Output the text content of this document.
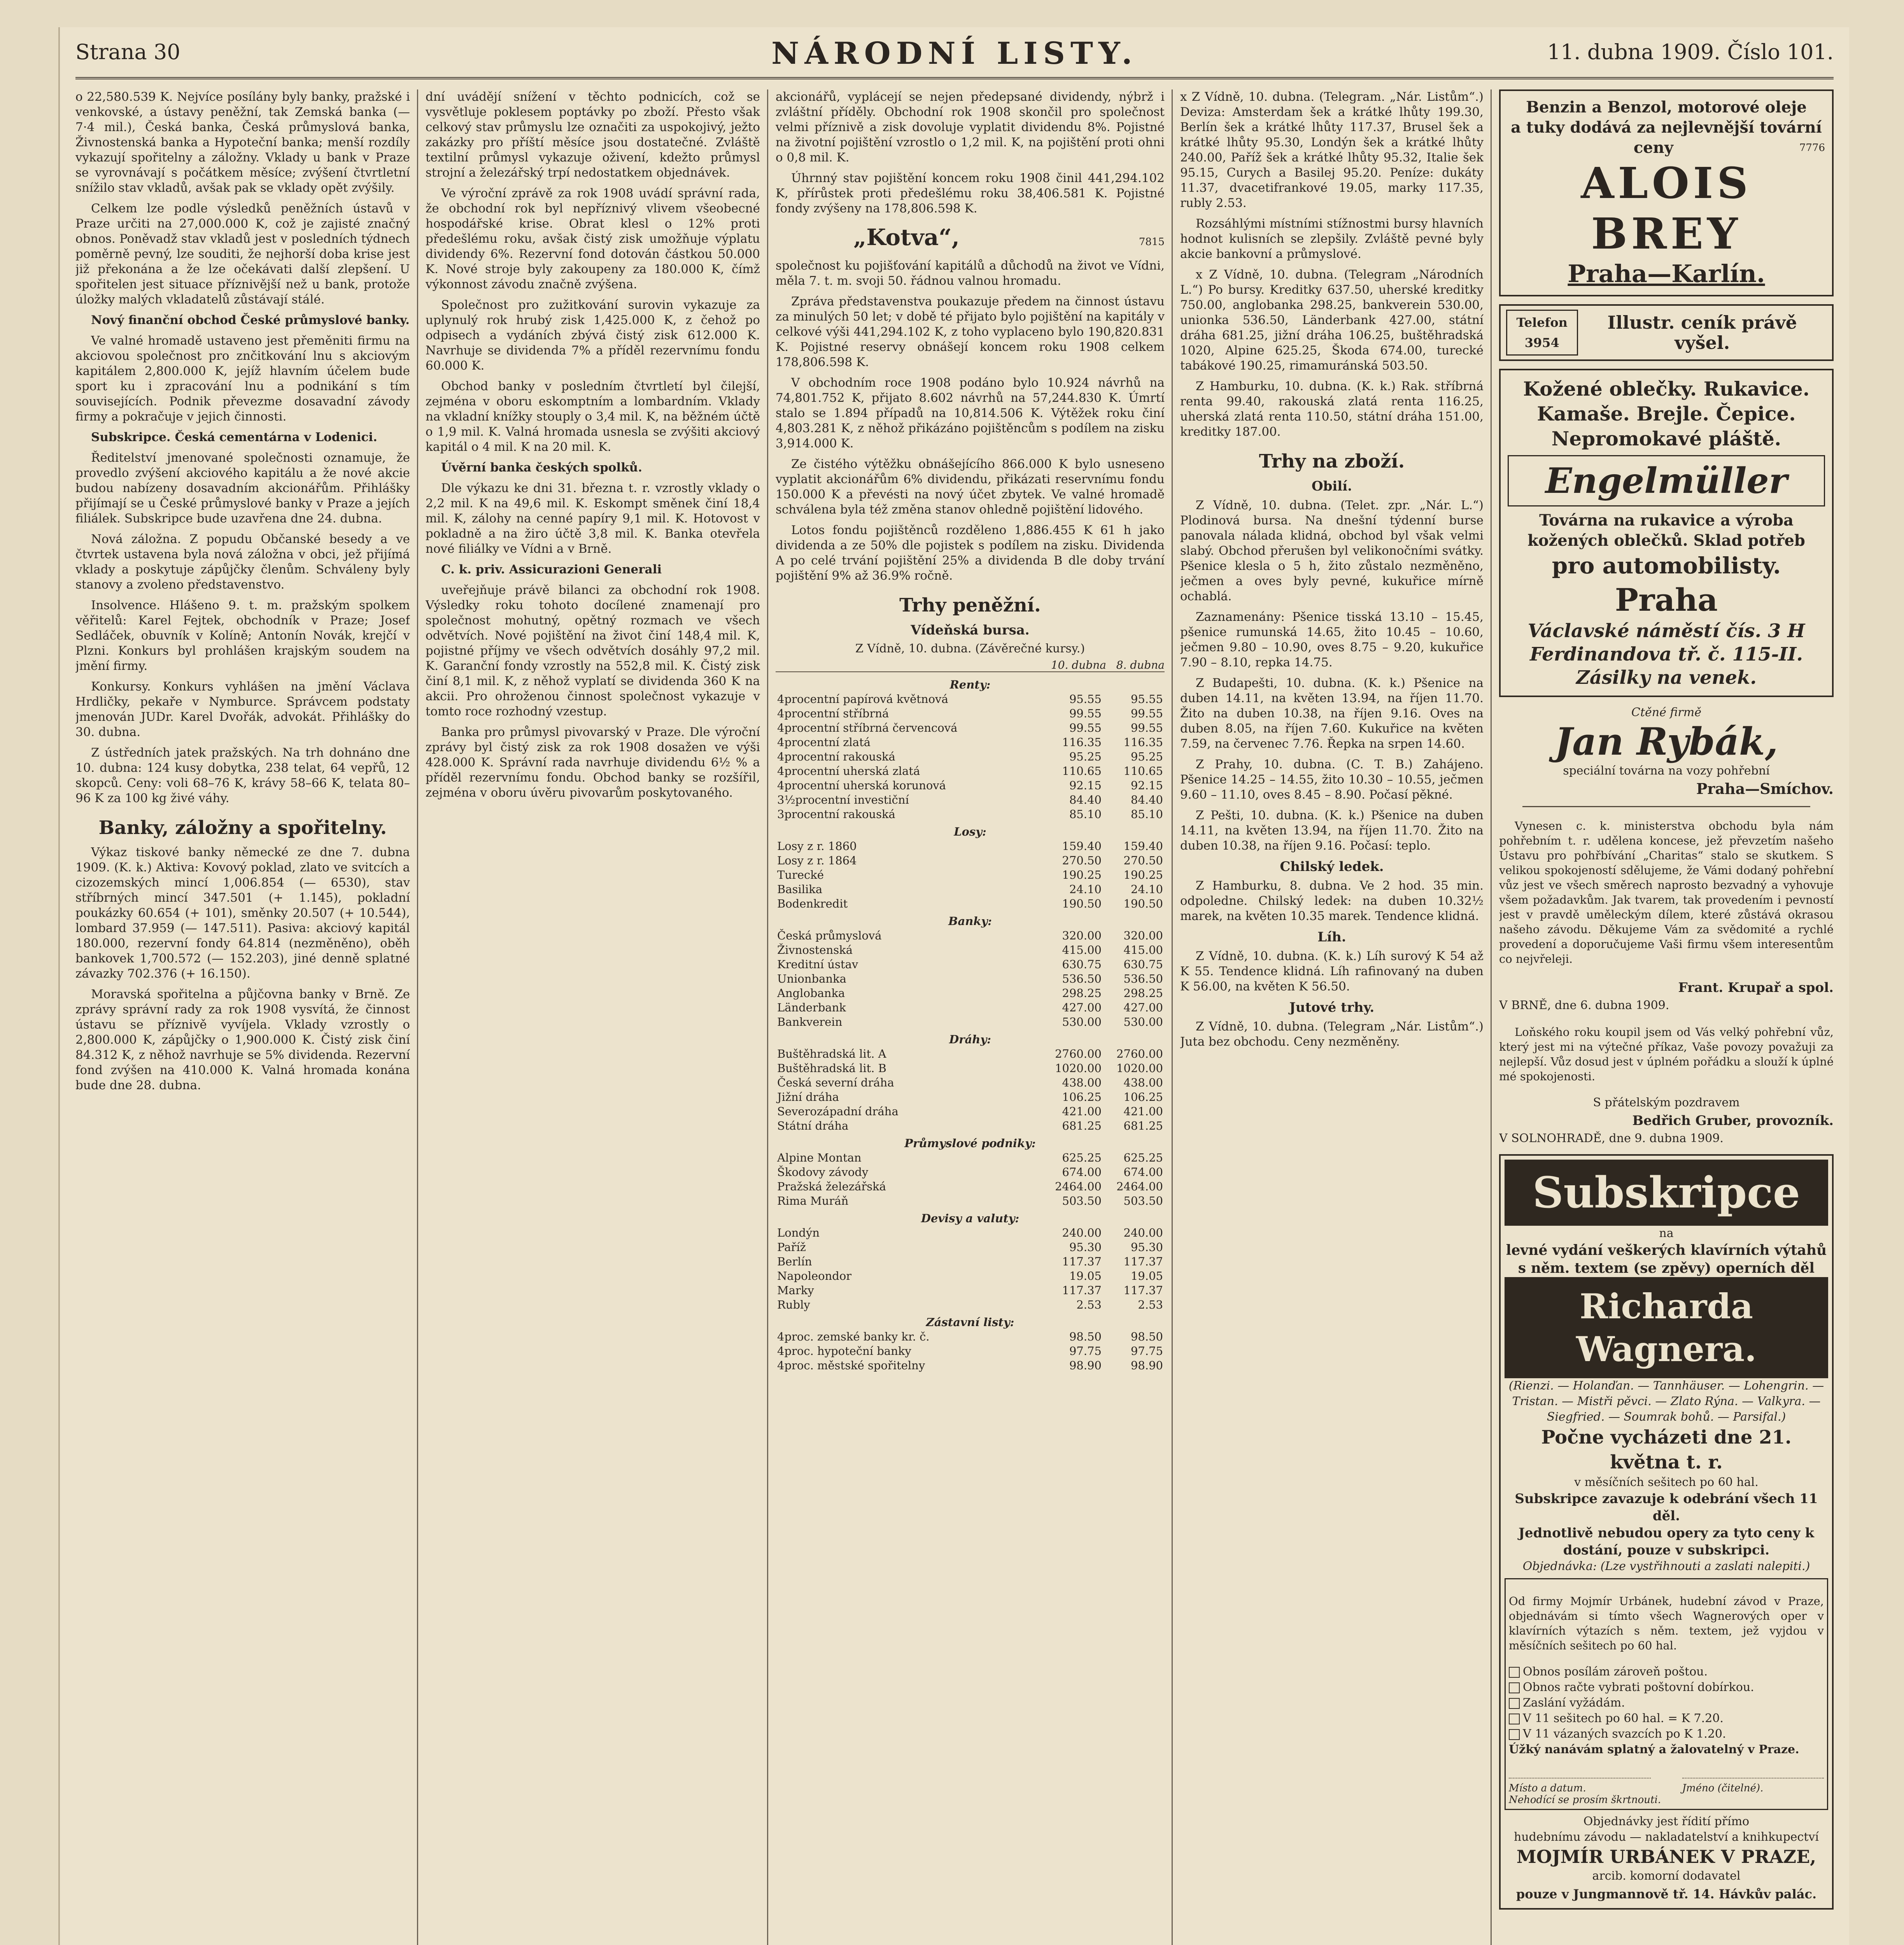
Strana 30	NÁRODNÍ LISTY.	11. dubna 1909. Číslo 101.

o 22,580.539 K. Nejvíce posílány byly banky, pražské i venkovské, a ústavy peněžní, tak Zemská banka (— 7·4 mil.), Česká banka, Česká průmyslová banka, Živnostenská banka a Hypoteční banka; menší rozdíly vykazují spořitelny a záložny. Vklady u bank v Praze se vyrovnávají s počátkem měsíce; zvýšení čtvrtletní snížilo stav vkladů, avšak pak se vklady opět zvýšily.

Celkem lze podle výsledků peněžních ústavů v Praze určiti na 27,000.000 K, což je zajisté značný obnos. Poněvadž stav vkladů jest v posledních týdnech poměrně pevný, lze souditi, že nejhorší doba krise jest již překonána a že lze očekávati další zlepšení. U spořitelen jest situace příznivější než u bank, protože úložky malých vkladatelů zůstávají stálé.

Nový finanční obchod České průmyslové banky.

Ve valné hromadě ustaveno jest přeměniti firmu na akciovou společnost pro znčitkování lnu s akciovým kapitálem 2,800.000 K, jejíž hlavním účelem bude sport ku i zpracování lnu a podnikání s tím souvisejících. Podnik převezme dosavadní závody firmy a pokračuje v jejich činnosti.

Subskripce. Česká cementárna v Lodenici.

Ředitelství jmenované společnosti oznamuje, že provedlo zvýšení akciového kapitálu a že nové akcie budou nabízeny dosavadním akcionářům. Přihlášky přijímají se u České průmyslové banky v Praze a jejích filiálek. Subskripce bude uzavřena dne 24. dubna.

Nová záložna. Z popudu Občanské besedy a ve čtvrtek ustavena byla nová záložna v obci, jež přijímá vklady a poskytuje zápůjčky členům. Schváleny byly stanovy a zvoleno představenstvo.

Insolvence. Hlášeno 9. t. m. pražským spolkem věřitelů: Karel Fejtek, obchodník v Praze; Josef Sedláček, obuvník v Kolíně; Antonín Novák, krejčí v Plzni. Konkurs byl prohlášen krajským soudem na jmění firmy.

Konkursy. Konkurs vyhlášen na jmění Václava Hrdličky, pekaře v Nymburce. Správcem podstaty jmenován JUDr. Karel Dvořák, advokát. Přihlášky do 30. dubna.

Z ústředních jatek pražských. Na trh dohnáno dne 10. dubna: 124 kusy dobytka, 238 telat, 64 vepřů, 12 skopců. Ceny: voli 68–76 K, krávy 58–66 K, telata 80–96 K za 100 kg živé váhy.

Banky, záložny a spořitelny.

Výkaz tiskové banky německé ze dne 7. dubna 1909. (K. k.) Aktiva: Kovový poklad, zlato ve svitcích a cizozemských mincí 1,006.854 (— 6530), stav stříbrných mincí 347.501 (+ 1.145), pokladní poukázky 60.654 (+ 101), směnky 20.507 (+ 10.544), lombard 37.959 (— 147.511). Pasiva: akciový kapitál 180.000, rezervní fondy 64.814 (nezměněno), oběh bankovek 1,700.572 (— 152.203), jiné denně splatné závazky 702.376 (+ 16.150).

Moravská spořitelna a půjčovna banky v Brně. Ze zprávy správní rady za rok 1908 vysvítá, že činnost ústavu se příznivě vyvíjela. Vklady vzrostly o 2,800.000 K, zápůjčky o 1,900.000 K. Čistý zisk činí 84.312 K, z něhož navrhuje se 5% dividenda. Rezervní fond zvýšen na 410.000 K. Valná hromada konána bude dne 28. dubna.

dní uvádějí snížení v těchto podnicích, což se vysvětluje poklesem poptávky po zboží. Přesto však celkový stav průmyslu lze označiti za uspokojivý, ježto zakázky pro příští měsíce jsou dostatečné. Zvláště textilní průmysl vykazuje oživení, kdežto průmysl strojní a železářský trpí nedostatkem objednávek.

Ve výroční zprávě za rok 1908 uvádí správní rada, že obchodní rok byl nepříznivý vlivem všeobecné hospodářské krise. Obrat klesl o 12% proti předešlému roku, avšak čistý zisk umožňuje výplatu dividendy 6%. Rezervní fond dotován částkou 50.000 K. Nové stroje byly zakoupeny za 180.000 K, čímž výkonnost závodu značně zvýšena.

Společnost pro zužitkování surovin vykazuje za uplynulý rok hrubý zisk 1,425.000 K, z čehož po odpisech a vydáních zbývá čistý zisk 612.000 K. Navrhuje se dividenda 7% a příděl rezervnímu fondu 60.000 K.

Obchod banky v posledním čtvrtletí byl čilejší, zejména v oboru eskomptním a lombardním. Vklady na vkladní knížky stouply o 3,4 mil. K, na běžném účtě o 1,9 mil. K. Valná hromada usnesla se zvýšiti akciový kapitál o 4 mil. K na 20 mil. K.

Úvěrní banka českých spolků.

Dle výkazu ke dni 31. března t. r. vzrostly vklady o 2,2 mil. K na 49,6 mil. K. Eskompt směnek činí 18,4 mil. K, zálohy na cenné papíry 9,1 mil. K. Hotovost v pokladně a na žiro účtě 3,8 mil. K. Banka otevřela nové filiálky ve Vídni a v Brně.

C. k. priv. Assicurazioni Generali

uveřejňuje právě bilanci za obchodní rok 1908. Výsledky roku tohoto docílené znamenají pro společnost mohutný, opětný rozmach ve všech odvětvích. Nové pojištění na život činí 148,4 mil. K, pojistné příjmy ve všech odvětvích dosáhly 97,2 mil. K. Garanční fondy vzrostly na 552,8 mil. K. Čistý zisk činí 8,1 mil. K, z něhož vyplatí se dividenda 360 K na akcii. Pro ohroženou činnost společnost vykazuje v tomto roce rozhodný vzestup.

Banka pro průmysl pivovarský v Praze. Dle výroční zprávy byl čistý zisk za rok 1908 dosažen ve výši 428.000 K. Správní rada navrhuje dividendu 6½ % a příděl rezervnímu fondu. Obchod banky se rozšířil, zejména v oboru úvěru pivovarům poskytovaného.

akcionářů, vyplácejí se nejen předepsané dividendy, nýbrž i zvláštní příděly. Obchodní rok 1908 skončil pro společnost velmi příznivě a zisk dovoluje vyplatit dividendu 8%. Pojistné na životní pojištění vzrostlo o 1,2 mil. K, na pojištění proti ohni o 0,8 mil. K.

Úhrnný stav pojištění koncem roku 1908 činil 441,294.102 K, přírůstek proti předešlému roku 38,406.581 K. Pojistné fondy zvýšeny na 178,806.598 K.

„Kotva“,	7815

společnost ku pojišťování kapitálů a důchodů na život ve Vídni, měla 7. t. m. svoji 50. řádnou valnou hromadu.

Zpráva představenstva poukazuje předem na činnost ústavu za minulých 50 let; v době té přijato bylo pojištění na kapitály v celkové výši 441,294.102 K, z toho vyplaceno bylo 190,820.831 K. Pojistné reservy obnášejí koncem roku 1908 celkem 178,806.598 K.

V obchodním roce 1908 podáno bylo 10.924 návrhů na 74,801.752 K, přijato 8.602 návrhů na 57,244.830 K. Úmrtí stalo se 1.894 případů na 10,814.506 K. Výtěžek roku činí 4,803.281 K, z něhož přikázáno pojištěncům s podílem na zisku 3,914.000 K.

Ze čistého výtěžku obnášejícího 866.000 K bylo usneseno vyplatit akcionářům 6% dividendu, přikázati reservnímu fondu 150.000 K a převésti na nový účet zbytek. Ve valné hromadě schválena byla též změna stanov ohledně pojištění lidového.

Lotos fondu pojištěnců rozděleno 1,886.455 K 61 h jako dividenda a ze 50% dle pojistek s podílem na zisku. Dividenda A po celé trvání pojištění 25% a dividenda B dle doby trvání pojištění 9% až 36.9% ročně.

Trhy peněžní.
Vídeňská bursa.
Z Vídně, 10. dubna. (Závěrečné kursy.)
10. dubna 8. dubna
Renty:		
4procentní papírová květnová	95.55	95.55
4procentní stříbrná	99.55	99.55
4procentní stříbrná červencová	99.55	99.55
4procentní zlatá	116.35	116.35
4procentní rakouská	95.25	95.25
4procentní uherská zlatá	110.65	110.65
4procentní uherská korunová	92.15	92.15
3½procentní investiční	84.40	84.40
3procentní rakouská	85.10	85.10
Losy:		
Losy z r. 1860	159.40	159.40
Losy z r. 1864	270.50	270.50
Turecké	190.25	190.25
Basilika	24.10	24.10
Bodenkredit	190.50	190.50
Banky:		
Česká průmyslová	320.00	320.00
Živnostenská	415.00	415.00
Kreditní ústav	630.75	630.75
Unionbanka	536.50	536.50
Anglobanka	298.25	298.25
Länderbank	427.00	427.00
Bankverein	530.00	530.00
Dráhy:		
Buštěhradská lit. A	2760.00	2760.00
Buštěhradská lit. B	1020.00	1020.00
Česká severní dráha	438.00	438.00
Jižní dráha	106.25	106.25
Severozápadní dráha	421.00	421.00
Státní dráha	681.25	681.25
Průmyslové podniky:		
Alpine Montan	625.25	625.25
Škodovy závody	674.00	674.00
Pražská železářská	2464.00	2464.00
Rima Muráň	503.50	503.50
Devisy a valuty:		
Londýn	240.00	240.00
Paříž	95.30	95.30
Berlín	117.37	117.37
Napoleondor	19.05	19.05
Marky	117.37	117.37
Rubly	2.53	2.53
Zástavní listy:		
4proc. zemské banky kr. č.	98.50	98.50
4proc. hypoteční banky	97.75	97.75
4proc. městské spořitelny	98.90	98.90

x Z Vídně, 10. dubna. (Telegram. „Nár. Listům“.) Deviza: Amsterdam šek a krátké lhůty 199.30, Berlín šek a krátké lhůty 117.37, Brusel šek a krátké lhůty 95.30, Londýn šek a krátké lhůty 240.00, Paříž šek a krátké lhůty 95.32, Italie šek 95.15, Curych a Basilej 95.20. Peníze: dukáty 11.37, dvacetifrankové 19.05, marky 117.35, rubly 2.53.

Rozsáhlými místními stížnostmi bursy hlavních hodnot kulisních se zlepšily. Zvláště pevné byly akcie bankovní a průmyslové.

x Z Vídně, 10. dubna. (Telegram „Národních L.“) Po bursy. Kreditky 637.50, uherské kreditky 750.00, anglobanka 298.25, bankverein 530.00, unionka 536.50, Länderbank 427.00, státní dráha 681.25, jižní dráha 106.25, buštěhradská 1020, Alpine 625.25, Škoda 674.00, turecké tabákové 190.25, rimamuránská 503.50.

Z Hamburku, 10. dubna. (K. k.) Rak. stříbrná renta 99.40, rakouská zlatá renta 116.25, uherská zlatá renta 110.50, státní dráha 151.00, kreditky 187.00.

Trhy na zboží.
Obilí.

Z Vídně, 10. dubna. (Telet. zpr. „Nár. L.“) Plodinová bursa. Na dnešní týdenní burse panovala nálada klidná, obchod byl však velmi slabý. Obchod přerušen byl velikonočními svátky. Pšenice klesla o 5 h, žito zůstalo nezměněno, ječmen a oves byly pevné, kukuřice mírně ochablá.

Zaznamenány: Pšenice tisská 13.10 – 15.45, pšenice rumunská 14.65, žito 10.45 – 10.60, ječmen 9.80 – 10.90, oves 8.75 – 9.20, kukuřice 7.90 – 8.10, repka 14.75.

Z Budapešti, 10. dubna. (K. k.) Pšenice na duben 14.11, na květen 13.94, na říjen 11.70. Žito na duben 10.38, na říjen 9.16. Oves na duben 8.05, na říjen 7.60. Kukuřice na květen 7.59, na červenec 7.76. Řepka na srpen 14.60.

Z Prahy, 10. dubna. (C. T. B.) Zahájeno. Pšenice 14.25 – 14.55, žito 10.30 – 10.55, ječmen 9.60 – 11.10, oves 8.45 – 8.90. Počasí pěkné.

Z Pešti, 10. dubna. (K. k.) Pšenice na duben 14.11, na květen 13.94, na říjen 11.70. Žito na duben 10.38, na říjen 9.16. Počasí: teplo.

Chilský ledek.

Z Hamburku, 8. dubna. Ve 2 hod. 35 min. odpoledne. Chilský ledek: na duben 10.32½ marek, na květen 10.35 marek. Tendence klidná.

Líh.

Z Vídně, 10. dubna. (K. k.) Líh surový K 54 až K 55. Tendence klidná. Líh rafinovaný na duben K 56.00, na květen K 56.50.

Jutové trhy.

Z Vídně, 10. dubna. (Telegram „Nár. Listům“.) Juta bez obchodu. Ceny nezměněny.

Benzin a Benzol, motorové oleje
a tuky dodává za nejlevnější tovární
ceny	7776
ALOIS BREY
Praha—Karlín.
Telefon 3954
Illustr. ceník právě vyšel.
Kožené oblečky. Rukavice.
Kamaše. Brejle. Čepice.
Nepromokavé pláště.
Engelmüller
Továrna na rukavice a výroba
kožených oblečků. Sklad potřeb
pro automobilisty.
Praha
Václavské náměstí čís. 3 H
Ferdinandova tř. č. 115-II.
Zásilky na venek.
Ctěné firmě
Jan Rybák,
speciální továrna na vozy pohřební
Praha—Smíchov.

Vynesen c. k. ministerstva obchodu byla nám pohřebním t. r. udělena koncese, jež převzetím našeho Ústavu pro pohřbívání „Charitas“ stalo se skutkem. S velikou spokojeností sdělujeme, že Vámi dodaný pohřební vůz jest ve všech směrech naprosto bezvadný a vyhovuje všem požadavkům. Jak tvarem, tak provedením i pevností jest v pravdě uměleckým dílem, které zůstává okrasou našeho závodu. Děkujeme Vám za svědomité a rychlé provedení a doporučujeme Vaši firmu všem interesentům co nejvřeleji.

Frant. Krupař a spol.
V BRNĚ, dne 6. dubna 1909.

Loňského roku koupil jsem od Vás velký pohřební vůz, který jest mi na výtečné příkaz, Vaše povozy považuji za nejlepší. Vůz dosud jest v úplném pořádku a slouží k úplné mé spokojenosti.

S přátelským pozdravem
Bedřich Gruber, provozník.
V SOLNOHRADĚ, dne 9. dubna 1909.
Subskripce
na
levné vydání veškerých klavírních výtahů s něm. textem (se zpěvy) operních děl
Richarda Wagnera.
(Rienzi. — Holanďan. — Tannhäuser. — Lohengrin. — Tristan. — Mistři pěvci. — Zlato Rýna. — Valkyra. — Siegfried. — Soumrak bohů. — Parsifal.)
Počne vycházeti dne 21. května t. r.
v měsíčních sešitech po 60 hal.
Subskripce zavazuje k odebrání všech 11 děl.
Jednotlivě nebudou opery za tyto ceny k dostání, pouze v subskripci.
Objednávka: (Lze vystřihnouti a zaslati nalepiti.)

Od firmy Mojmír Urbánek, hudební závod v Praze, objednávám si tímto všech Wagnerových oper v klavírních výtazích s něm. textem, jež vyjdou v měsíčních sešitech po 60 hal.

Obnos posílám zároveň poštou.
Obnos račte vybrati poštovní dobírkou.
Zaslání vyžádám.
V 11 sešitech po 60 hal. = K 7.20.
V 11 vázaných svazcích po K 1.20.
Úžký nanávám splatný a žalovatelný v Praze.
Místo a datum.	Jméno (čitelné).
Nehodící se prosím škrtnouti.
Objednávky jest řídití přímo
hudebnímu závodu — nakladatelství a knihkupectví
MOJMÍR URBÁNEK V PRAZE,
arcib. komorní dodavatel
pouze v Jungmannově tř. 14. Hávkův palác.
